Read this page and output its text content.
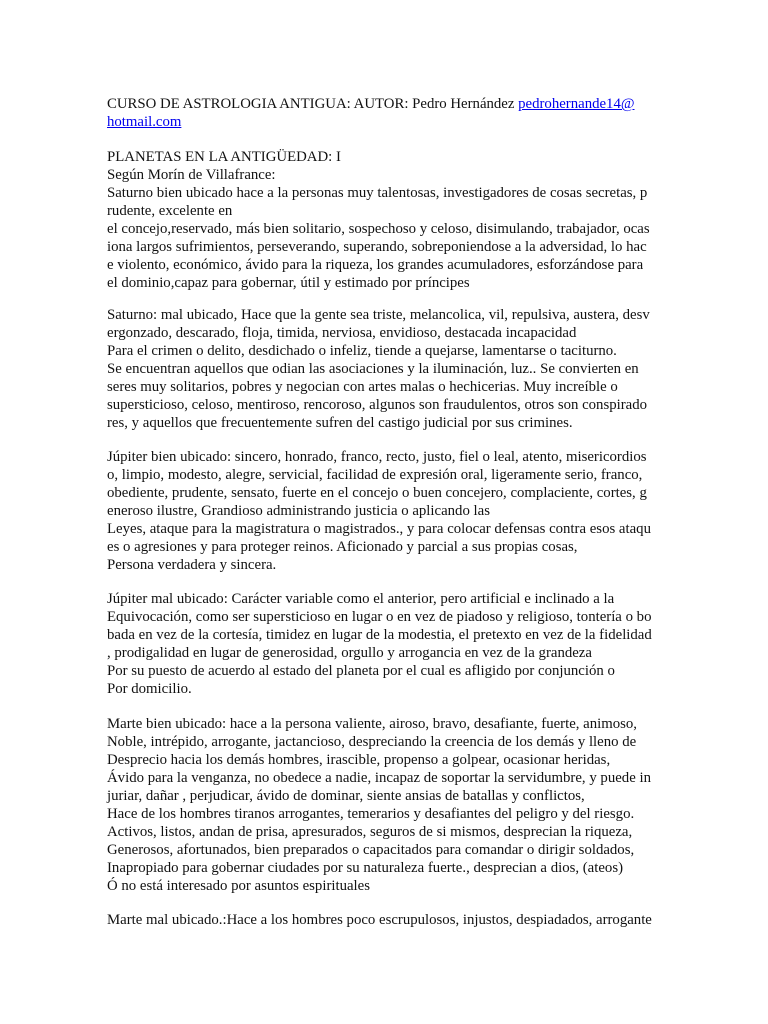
CURSO DE ASTROLOGIA ANTIGUA: AUTOR: Pedro Hernández pedrohernande14@
hotmail.com
PLANETAS EN LA ANTIGÜEDAD: I
Según Morín de Villafrance:
Saturno bien ubicado hace a la personas muy talentosas, investigadores de cosas secretas, p
rudente, excelente en
el concejo,reservado, más bien solitario, sospechoso y celoso, disimulando, trabajador, ocas
iona largos sufrimientos, perseverando, superando, sobreponiendose a la adversidad, lo hac
e violento, económico, ávido para la riqueza, los grandes acumuladores, esforzándose para
el dominio,capaz para gobernar, útil y estimado por príncipes
Saturno: mal ubicado, Hace que la gente sea triste, melancolica, vil, repulsiva, austera, desv
ergonzado, descarado, floja, timida, nerviosa, envidioso, destacada incapacidad
Para el crimen o delito, desdichado o infeliz, tiende a quejarse, lamentarse o taciturno.
Se encuentran aquellos que odian las asociaciones y la iluminación, luz.. Se convierten en
seres muy solitarios, pobres y negocian con artes malas o hechicerias. Muy increíble o
supersticioso, celoso, mentiroso, rencoroso, algunos son fraudulentos, otros son conspirado
res, y aquellos que frecuentemente sufren del castigo judicial por sus crimines.
Júpiter bien ubicado: sincero, honrado, franco, recto, justo, fiel o leal, atento, misericordios
o, limpio, modesto, alegre, servicial, facilidad de expresión oral, ligeramente serio, franco,
obediente, prudente, sensato, fuerte en el concejo o buen concejero, complaciente, cortes, g
eneroso ilustre, Grandioso administrando justicia o aplicando las
Leyes, ataque para la magistratura o magistrados., y para colocar defensas contra esos ataqu
es o agresiones y para proteger reinos. Aficionado y parcial a sus propias cosas,
Persona verdadera y sincera.
Júpiter mal ubicado: Carácter variable como el anterior, pero artificial e inclinado a la
Equivocación, como ser supersticioso en lugar o en vez de piadoso y religioso, tontería o bo
bada en vez de la cortesía, timidez en lugar de la modestia, el pretexto en vez de la fidelidad
, prodigalidad en lugar de generosidad, orgullo y arrogancia en vez de la grandeza
Por su puesto de acuerdo al estado del planeta por el cual es afligido por conjunción o
Por domicilio.
Marte bien ubicado: hace a la persona valiente, airoso, bravo, desafiante, fuerte, animoso,
Noble, intrépido, arrogante, jactancioso, despreciando la creencia de los demás y lleno de
Desprecio hacia los demás hombres, irascible, propenso a golpear, ocasionar heridas,
Ávido para la venganza, no obedece a nadie, incapaz de soportar la servidumbre, y puede in
juriar, dañar , perjudicar, ávido de dominar, siente ansias de batallas y conflictos,
Hace de los hombres tiranos arrogantes, temerarios y desafiantes del peligro y del riesgo.
Activos, listos, andan de prisa, apresurados, seguros de si mismos, desprecian la riqueza,
Generosos, afortunados, bien preparados o capacitados para comandar o dirigir soldados,
Inapropiado para gobernar ciudades por su naturaleza fuerte., desprecian a dios, (ateos)
Ó no está interesado por asuntos espirituales
Marte mal ubicado.:Hace a los hombres poco escrupulosos, injustos, despiadados, arrogante
